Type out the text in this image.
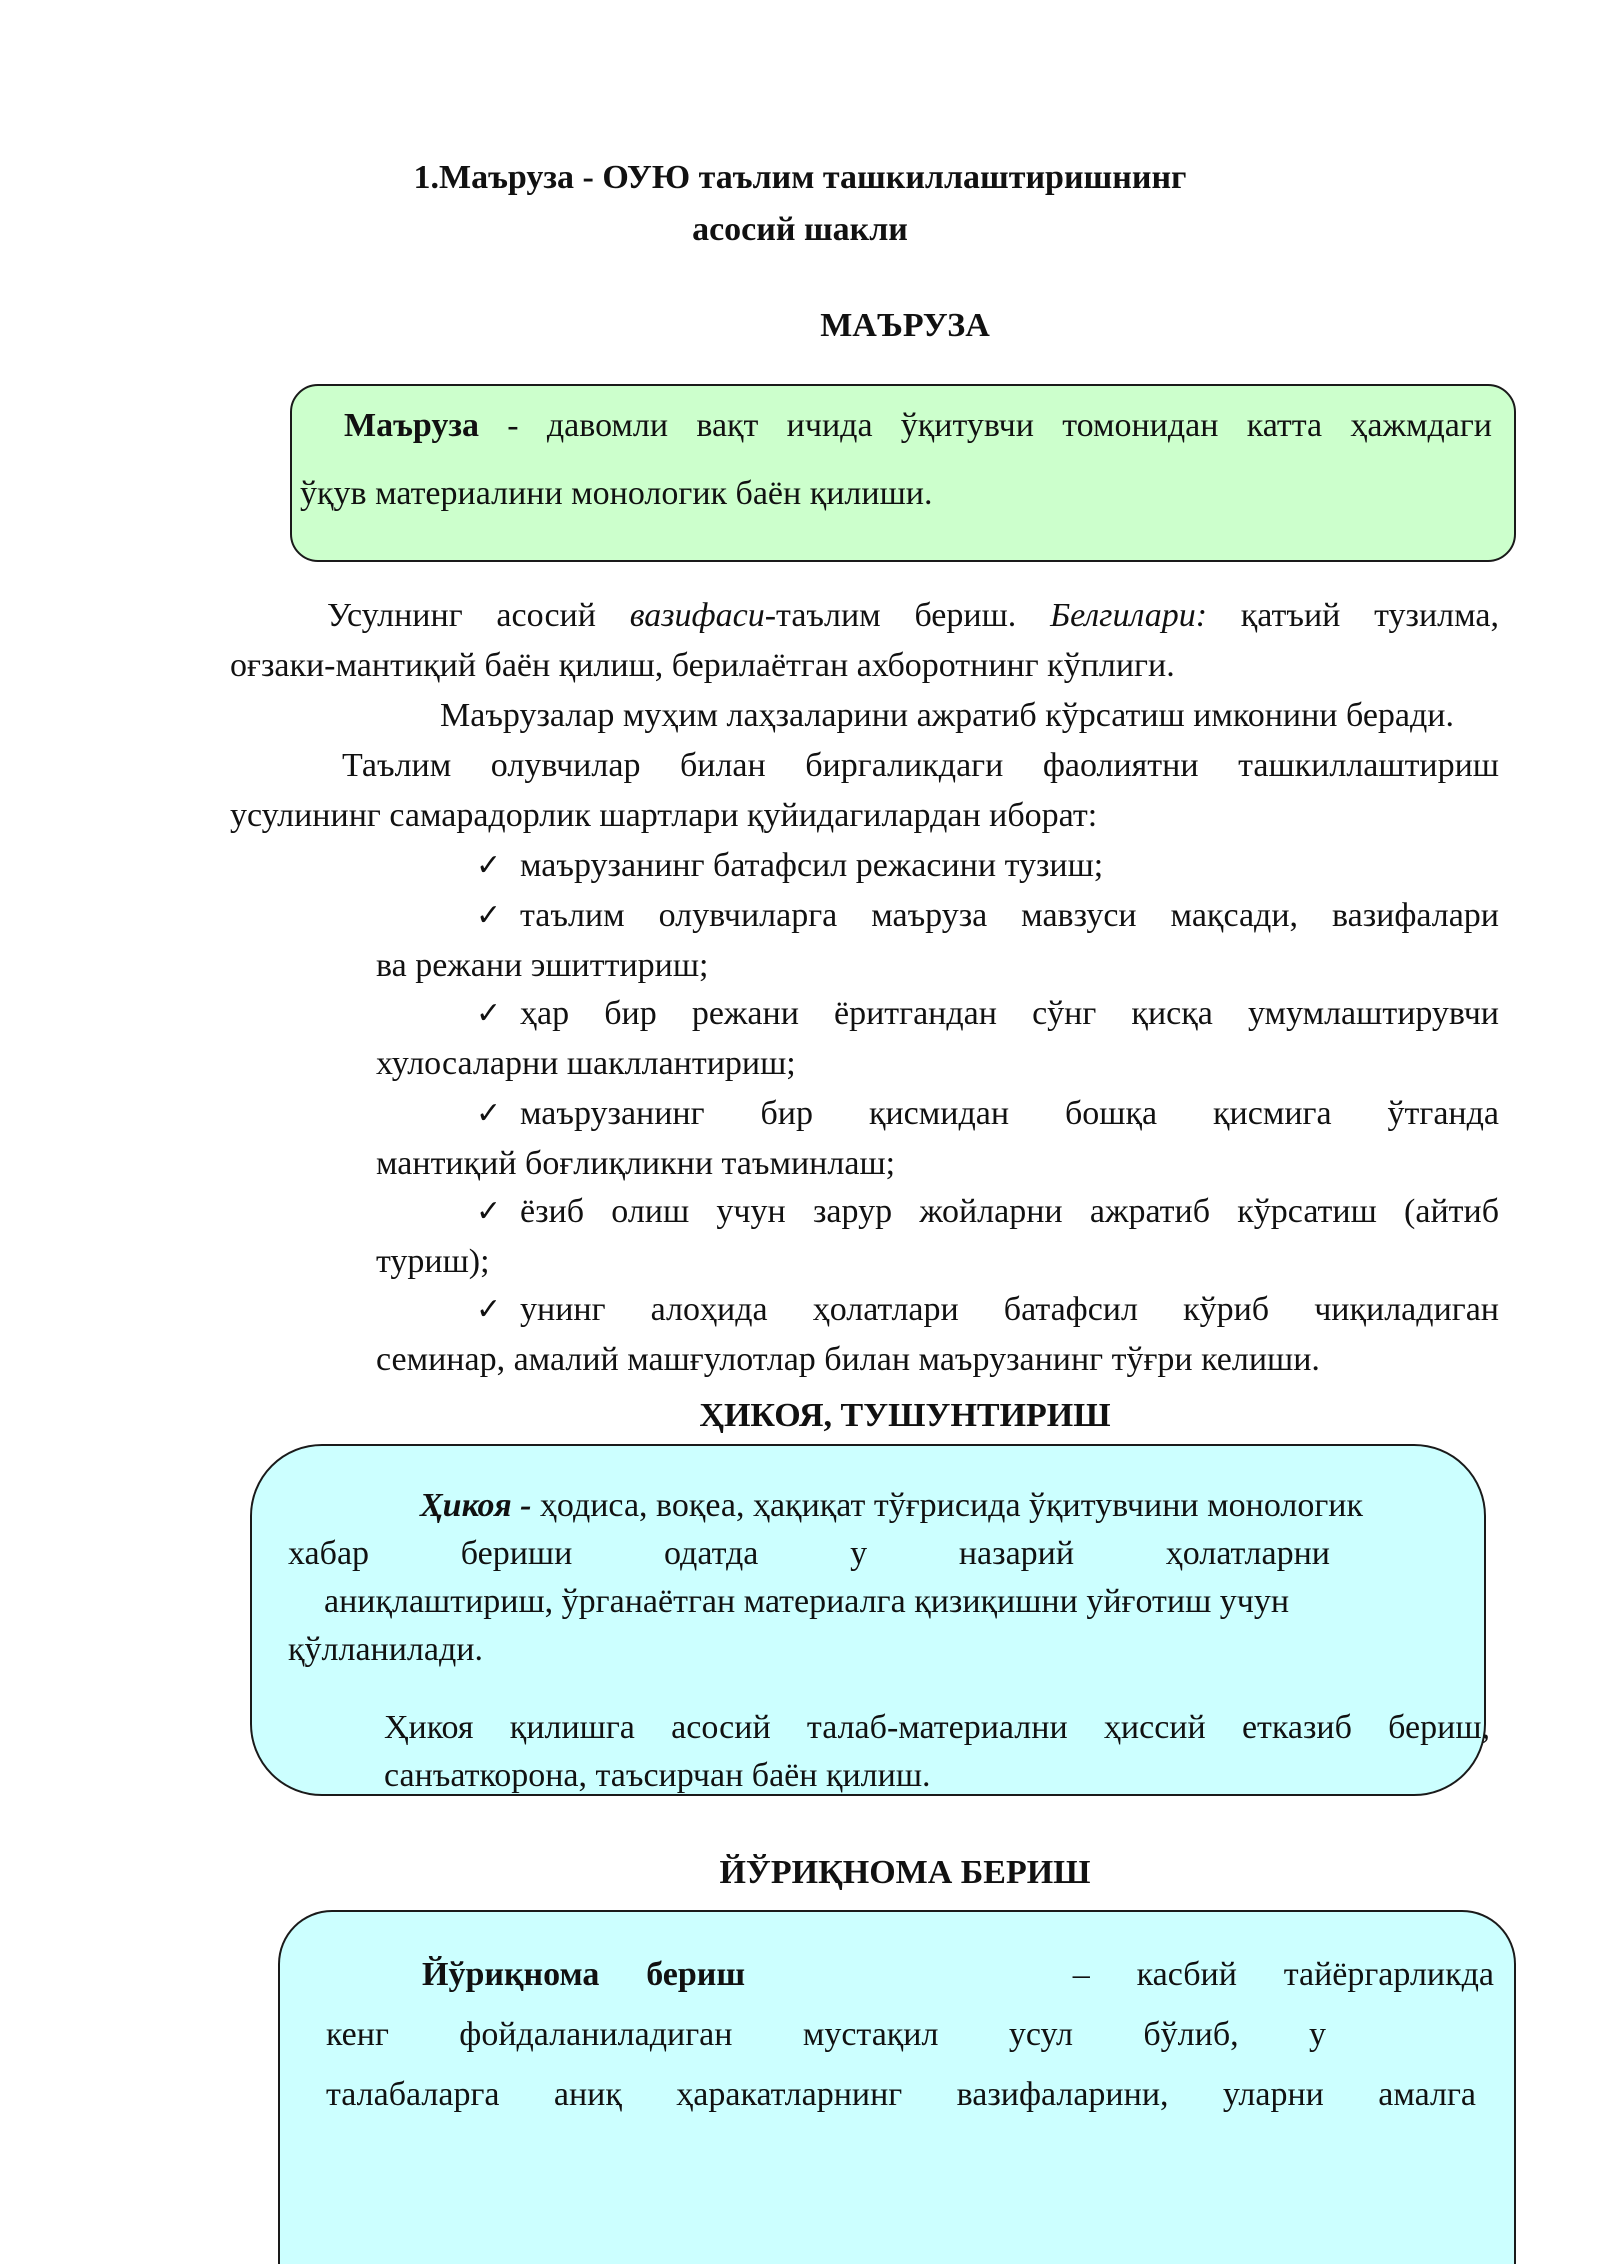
1.Маъруза - ОУЮ таълим ташкиллаштиришнинг
асосий шакли
МАЪРУЗА
Маъруза - давомли вақт ичида ўқитувчи томонидан катта ҳажмдаги
ўқув материалини монологик баён қилиши.
Усулнинг асосий вазифаси-таълим бериш. Белгилари: қатъий тузилма,
оғзаки-мантиқий баён қилиш, берилаётган ахборотнинг кўплиги.
Маърузалар муҳим лаҳзаларини ажратиб кўрсатиш имконини беради.
Таълим олувчилар билан биргаликдаги фаолиятни ташкиллаштириш
усулининг самарадорлик шартлари қуйидагилардан иборат:
✓ маърузанинг батафсил режасини тузиш;
✓ таълим олувчиларга маъруза мавзуси мақсади, вазифалари
ва режани эшиттириш;
✓ ҳар бир режани ёритгандан сўнг қисқа умумлаштирувчи
хулосаларни шакллантириш;
✓ маърузанинг бир қисмидан бошқа қисмига ўтганда
мантиқий боғлиқликни таъминлаш;
✓ ёзиб олиш учун зарур жойларни ажратиб кўрсатиш (айтиб
туриш);
✓ унинг алоҳида ҳолатлари батафсил кўриб чиқиладиган
семинар, амалий машғулотлар билан маърузанинг тўғри келиши.
ҲИКОЯ, ТУШУНТИРИШ
Ҳикоя - ҳодиса, воқеа, ҳақиқат тўғрисида ўқитувчини монологик
хабар бериши одатда у назарий ҳолатларни
аниқлаштириш, ўрганаётган материалга қизиқишни уйғотиш учун
қўлланилади.
Ҳикоя қилишга асосий талаб-материални ҳиссий етказиб бериш,
санъаткорона, таъсирчан баён қилиш.
ЙЎРИҚНОМА БЕРИШ
Йўриқнома бериш	– касбий тайёргарликда
кенг фойдаланиладиган мустақил усул бўлиб, у
талабаларга аниқ ҳаракатларнинг вазифаларини, уларни амалга
